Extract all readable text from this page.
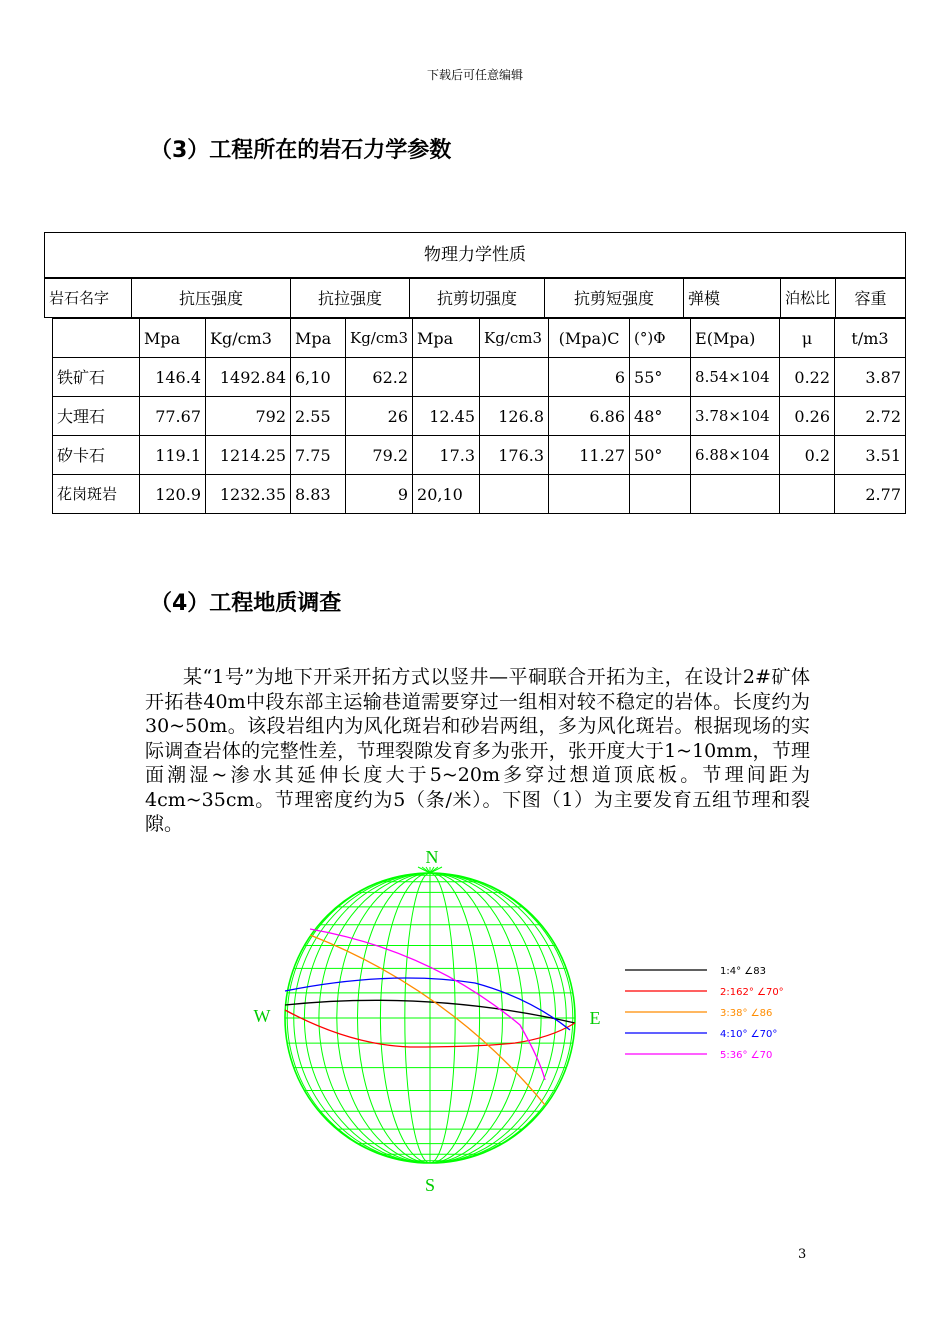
下载后可任意编辑
（3）工程所在的岩石力学参数
物理力学性质
岩石名字	抗压强度	抗拉强度	抗剪切强度	抗剪短强度	弹模	泊松比	容重
	Mpa	Kg/cm3	Mpa	Kg/cm3	Mpa	Kg/cm3	(Mpa)C	(°)Φ	E(Mpa)	μ	t/m3
铁矿石	146.4	1492.84	6,10	62.2			6	55°	8.54×104	0.22	3.87
大理石	77.67	792	2.55	26	12.45	126.8	6.86	48°	3.78×104	0.26	2.72
矽卡石	119.1	1214.25	7.75	79.2	17.3	176.3	11.27	50°	6.88×104	0.2	3.51
花岗斑岩	120.9	1232.35	8.83	9	20,10						2.77
（4）工程地质调查

某“1号”为地下开采开拓方式以竖井—平硐联合开拓为主，在设计2#矿体开拓巷40m中段东部主运输巷道需要穿过一组相对较不稳定的岩体。长度约为30~50m。该段岩组内为风化斑岩和砂岩两组，多为风化斑岩。根据现场的实际调查岩体的完整性差，节理裂隙发育多为张开，张开度大于1~10mm，节理面潮湿~渗水其延伸长度大于5~20m多穿过想道顶底板。节理间距为4cm~35cm。节理密度约为5（条/米）。下图（1）为主要发育五组节理和裂隙。

N
S
W	E
1:4° ∠83
2:162° ∠70°
3:38° ∠86
4:10° ∠70°
5:36° ∠70
3
